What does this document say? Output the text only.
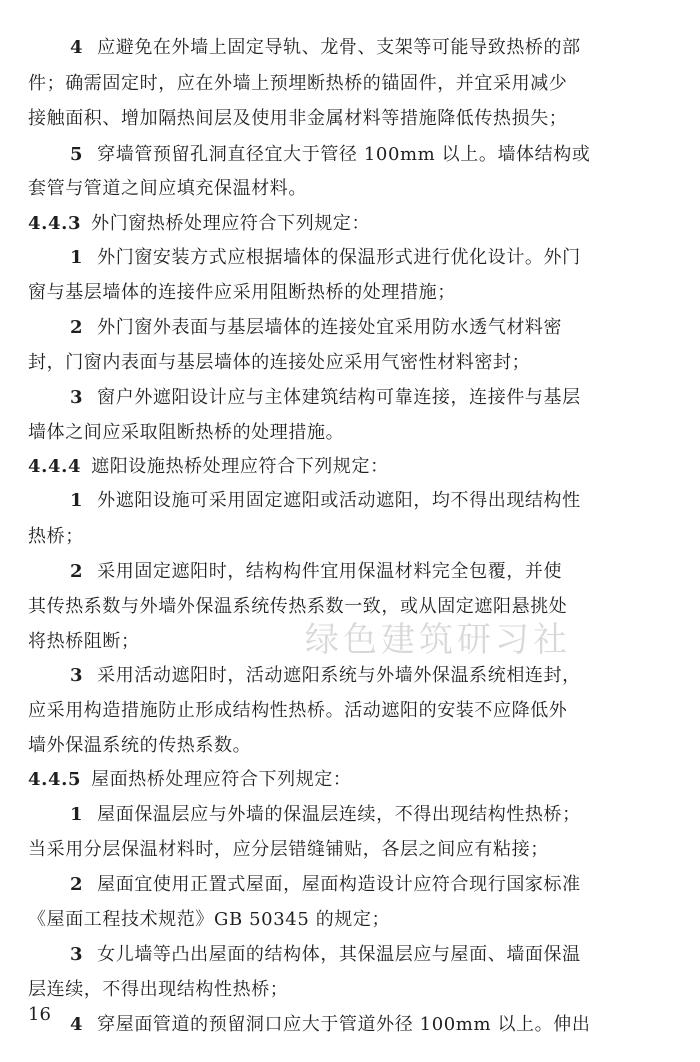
4 应避免在外墙上固定导轨、龙骨、支架等可能导致热桥的部
件；确需固定时，应在外墙上预埋断热桥的锚固件，并宜采用减少
接触面积、增加隔热间层及使用非金属材料等措施降低传热损失；
5 穿墙管预留孔洞直径宜大于管径 100mm 以上。墙体结构或
套管与管道之间应填充保温材料。
4.4.3 外门窗热桥处理应符合下列规定：
1 外门窗安装方式应根据墙体的保温形式进行优化设计。外门
窗与基层墙体的连接件应采用阻断热桥的处理措施；
2 外门窗外表面与基层墙体的连接处宜采用防水透气材料密
封，门窗内表面与基层墙体的连接处应采用气密性材料密封；
3 窗户外遮阳设计应与主体建筑结构可靠连接，连接件与基层
墙体之间应采取阻断热桥的处理措施。
4.4.4 遮阳设施热桥处理应符合下列规定：
1 外遮阳设施可采用固定遮阳或活动遮阳，均不得出现结构性
热桥；
2 采用固定遮阳时，结构构件宜用保温材料完全包覆，并使
其传热系数与外墙外保温系统传热系数一致，或从固定遮阳悬挑处
将热桥阻断；
3 采用活动遮阳时，活动遮阳系统与外墙外保温系统相连封，
应采用构造措施防止形成结构性热桥。活动遮阳的安装不应降低外
墙外保温系统的传热系数。
4.4.5 屋面热桥处理应符合下列规定：
1 屋面保温层应与外墙的保温层连续，不得出现结构性热桥；
当采用分层保温材料时，应分层错缝铺贴，各层之间应有粘接；
2 屋面宜使用正置式屋面，屋面构造设计应符合现行国家标准
《屋面工程技术规范》GB 50345 的规定；
3 女儿墙等凸出屋面的结构体，其保温层应与屋面、墙面保温
层连续，不得出现结构性热桥；
4 穿屋面管道的预留洞口应大于管道外径 100mm 以上。伸出
绿色建筑研习社
16
